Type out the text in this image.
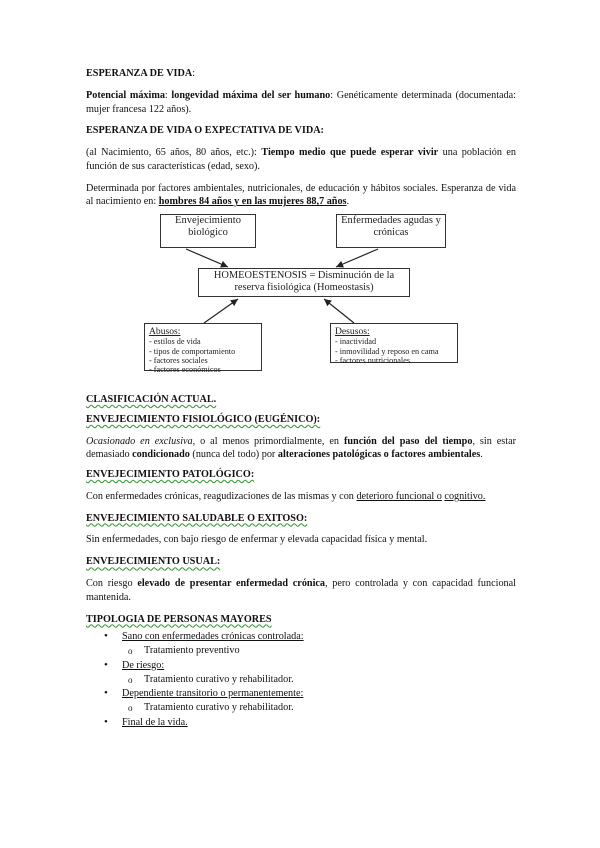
ESPERANZA DE VIDA:

Potencial máxima: longevidad máxima del ser humano: Genéticamente determinada (documentada: mujer francesa 122 años).

ESPERANZA DE VIDA O EXPECTATIVA DE VIDA:

(al Nacimiento, 65 años, 80 años, etc.): Tiempo medio que puede esperar vivir una población en función de sus características (edad, sexo).

Determinada por factores ambientales, nutricionales, de educación y hábitos sociales. Esperanza de vida al nacimiento en: hombres 84 años y en las mujeres 88,7 años.

Envejecimiento biológico
Enfermedades agudas y crónicas
HOMEOESTENOSIS = Disminución de la
reserva fisiológica (Homeostasis)
Abusos:
- estilos de vida
- tipos de comportamiento
- factores sociales
- factores económicos
Desusos:
- inactividad
- inmovilidad y reposo en cama
- factores nutricionales

CLASIFICACIÓN ACTUAL.

ENVEJECIMIENTO FISIOLÓGICO (EUGÉNICO):

Ocasionado en exclusiva, o al menos primordialmente, en función del paso del tiempo, sin estar demasiado condicionado (nunca del todo) por alteraciones patológicas o factores ambientales.

ENVEJECIMIENTO PATOLÓGICO:

Con enfermedades crónicas, reagudizaciones de las mismas y con deterioro funcional o cognitivo.

ENVEJECIMIENTO SALUDABLE O EXITOSO:

Sin enfermedades, con bajo riesgo de enfermar y elevada capacidad física y mental.

ENVEJECIMIENTO USUAL:

Con riesgo elevado de presentar enfermedad crónica, pero controlada y con capacidad funcional mantenida.

TIPOLOGIA DE PERSONAS MAYORES

• Sano con enfermedades crónicas controlada:
o Tratamiento preventivo
• De riesgo:
o Tratamiento curativo y rehabilitador.
• Dependiente transitorio o permanentemente:
o Tratamiento curativo y rehabilitador.
• Final de la vida.
